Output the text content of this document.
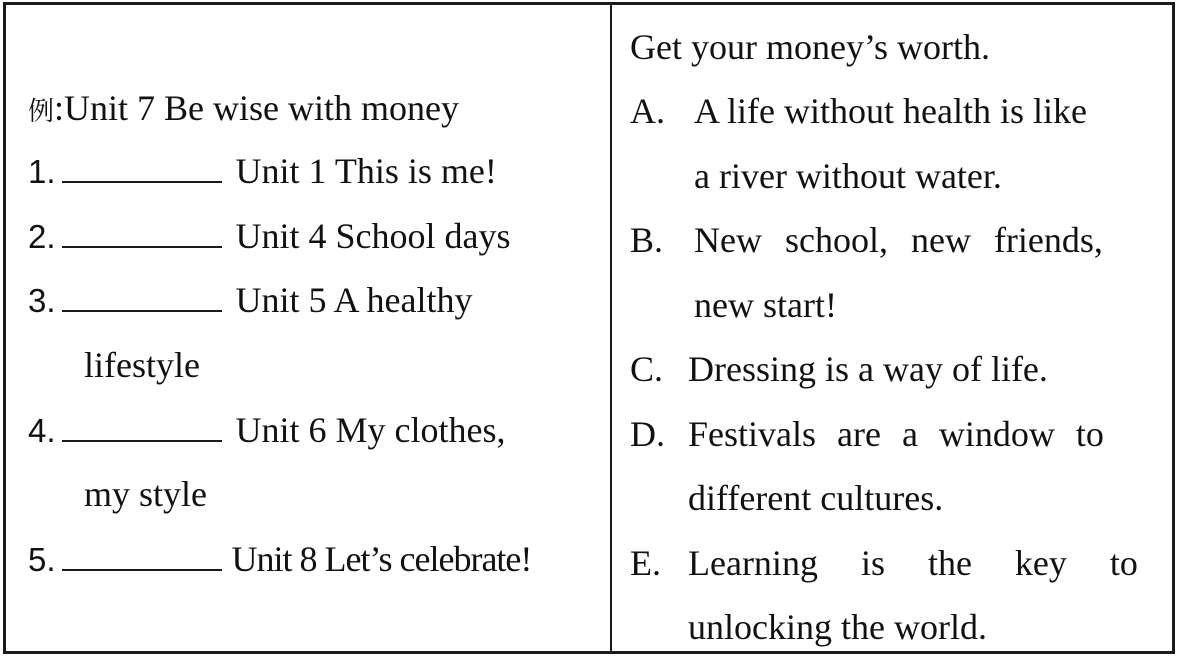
例:Unit 7 Be wise with money
1.	Unit 1 This is me!
2.	Unit 4 School days
3.	Unit 5 A healthy
lifestyle
4.	Unit 6 My clothes,
my style
5.	Unit 8 Let’s celebrate!
Get your money’s worth.
A. A life without health is like
a river without water.
B. New school, new friends,
new start!
C. Dressing is a way of life.
D. Festivals are a window to
different cultures.
E. Learning is the key to
unlocking the world.
